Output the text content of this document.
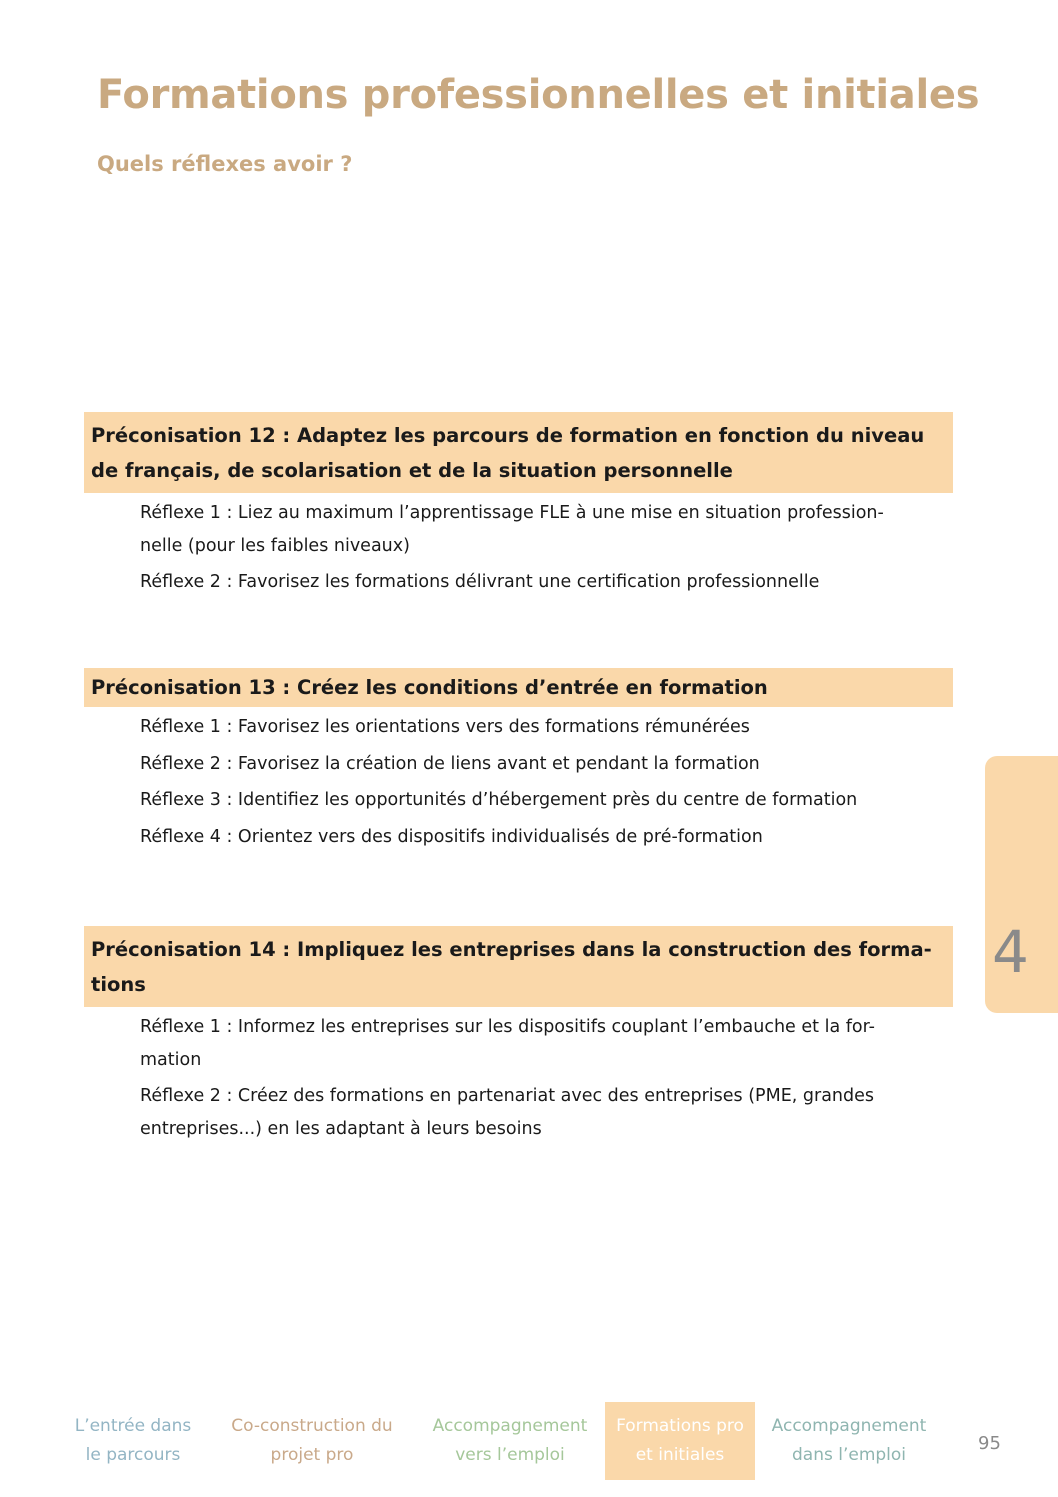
Formations professionnelles et initiales
Quels réflexes avoir ?
Préconisation 12 : Adaptez les parcours de formation en fonction du niveau de français, de scolarisation et de la situation personnelle
Réflexe 1 : Liez au maximum l’apprentissage FLE à une mise en situation profession-nelle (pour les faibles niveaux)
Réflexe 2 : Favorisez les formations délivrant une certification professionnelle
Préconisation 13 : Créez les conditions d’entrée en formation
Réflexe 1 : Favorisez les orientations vers des formations rémunérées
Réflexe 2 : Favorisez la création de liens avant et pendant la formation
Réflexe 3 : Identifiez les opportunités d’hébergement près du centre de formation
Réflexe 4 : Orientez vers des dispositifs individualisés de pré-formation
Préconisation 14 : Impliquez les entreprises dans la construction des forma-tions
Réflexe 1 : Informez les entreprises sur les dispositifs couplant l’embauche et la for-mation
Réflexe 2 : Créez des formations en partenariat avec des entreprises (PME, grandes entreprises...) en les adaptant à leurs besoins
4
L’entrée dans
le parcours
Co-construction du
projet pro
Accompagnement
vers l’emploi
Formations pro
et initiales
Accompagnement
dans l’emploi
95
